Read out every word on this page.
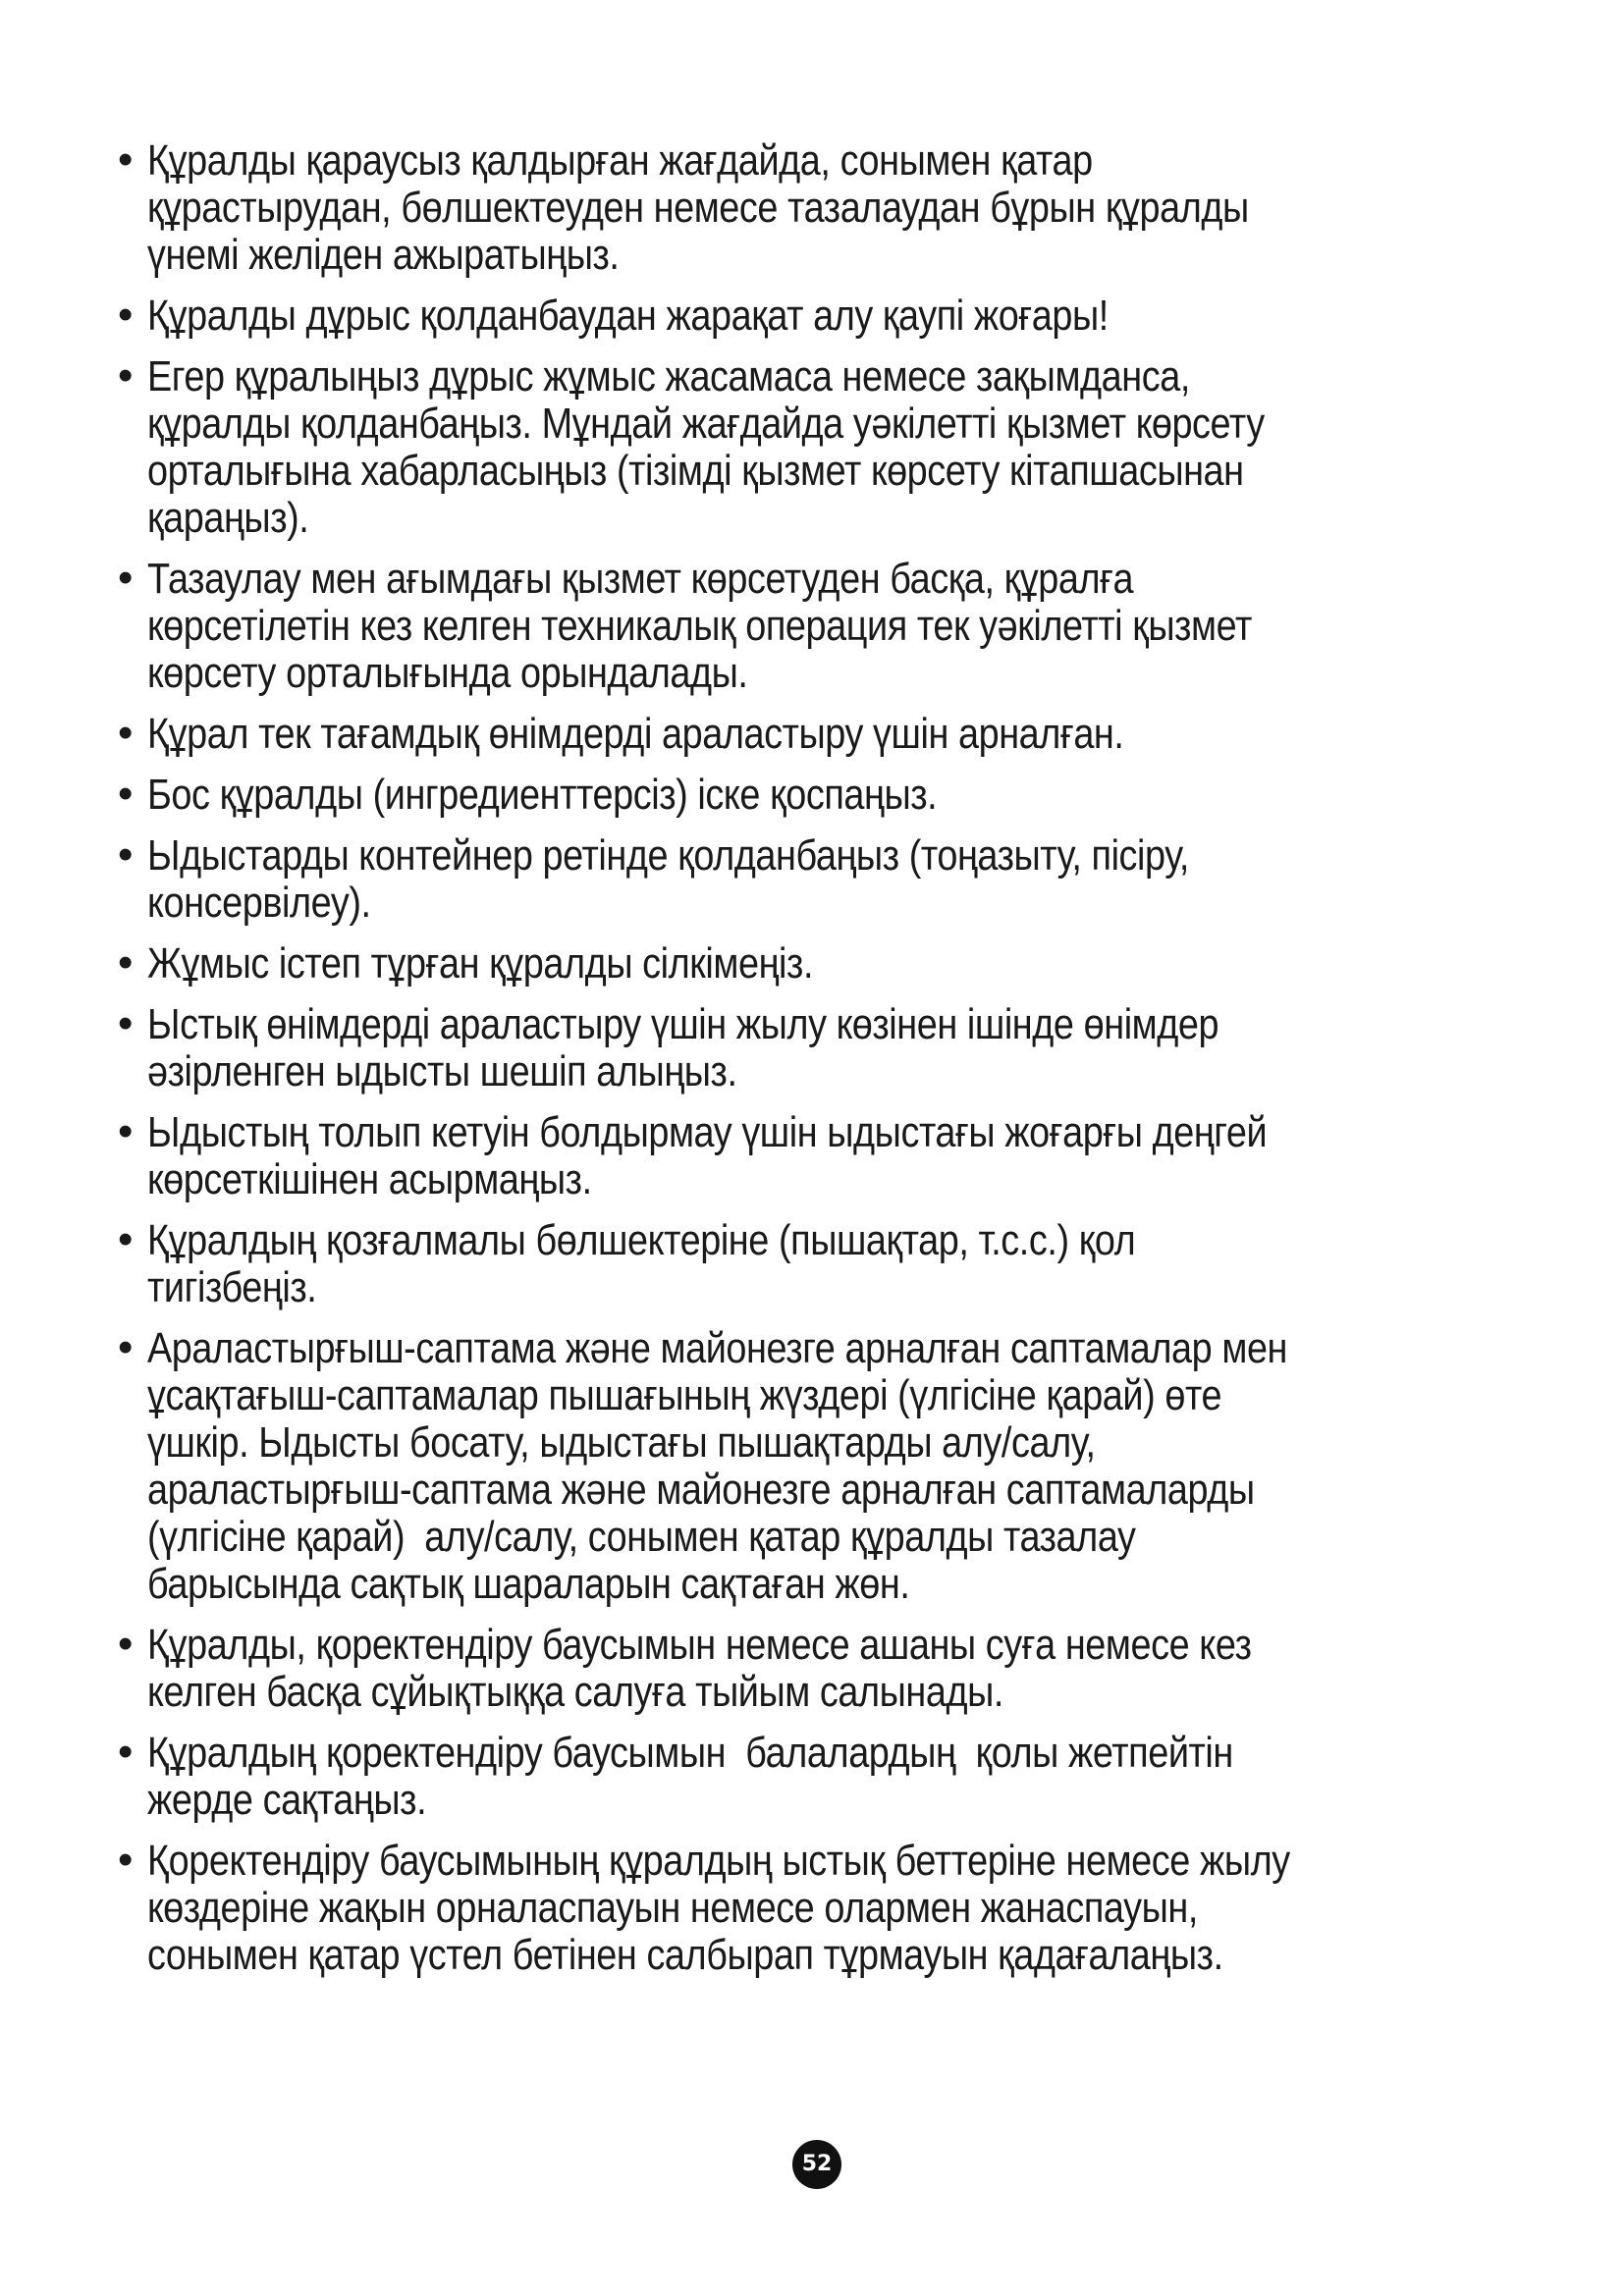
• Құралды қараусыз қалдырған жағдайда, сонымен қатар
құрастырудан, бөлшектеуден немесе тазалаудан бұрын құралды
үнемі желіден ажыратыңыз.
• Құралды дұрыс қолданбаудан жарақат алу қаупі жоғары!
• Егер құралыңыз дұрыс жұмыс жасамаса немесе зақымданса,
құралды қолданбаңыз. Мұндай жағдайда уәкілетті қызмет көрсету
орталығына хабарласыңыз (тізімді қызмет көрсету кітапшасынан
қараңыз).
• Тазаулау мен ағымдағы қызмет көрсетуден басқа, құралға
көрсетілетін кез келген техникалық операция тек уәкілетті қызмет
көрсету орталығында орындалады.
• Құрал тек тағамдық өнімдерді араластыру үшін арналған.
• Бос құралды (ингредиенттерсіз) іске қоспаңыз.
• Ыдыстарды контейнер ретінде қолданбаңыз (тоңазыту, пісіру,
консервілеу).
• Жұмыс істеп тұрған құралды сілкімеңіз.
• Ыстық өнімдерді араластыру үшін жылу көзінен ішінде өнімдер
әзірленген ыдысты шешіп алыңыз.
• Ыдыстың толып кетуін болдырмау үшін ыдыстағы жоғарғы деңгей
көрсеткішінен асырмаңыз.
• Құралдың қозғалмалы бөлшектеріне (пышақтар, т.с.с.) қол
тигізбеңіз.
• Араластырғыш-саптама және майонезге арналған саптамалар мен
ұсақтағыш-саптамалар пышағының жүздері (үлгісіне қарай) өте
үшкір. Ыдысты босату, ыдыстағы пышақтарды алу/салу,
араластырғыш-саптама және майонезге арналған саптамаларды
(үлгісіне қарай)  алу/салу, сонымен қатар құралды тазалау
барысында сақтық шараларын сақтаған жөн.
• Құралды, қоректендіру баусымын немесе ашаны суға немесе кез
келген басқа сұйықтыққа салуға тыйым салынады.
• Құралдың қоректендіру баусымын  балалардың  қолы жетпейтін
жерде сақтаңыз.
• Қоректендіру баусымының құралдың ыстық беттеріне немесе жылу
көздеріне жақын орналаспауын немесе олармен жанаспауын,
сонымен қатар үстел бетінен салбырап тұрмауын қадағалаңыз.
52
